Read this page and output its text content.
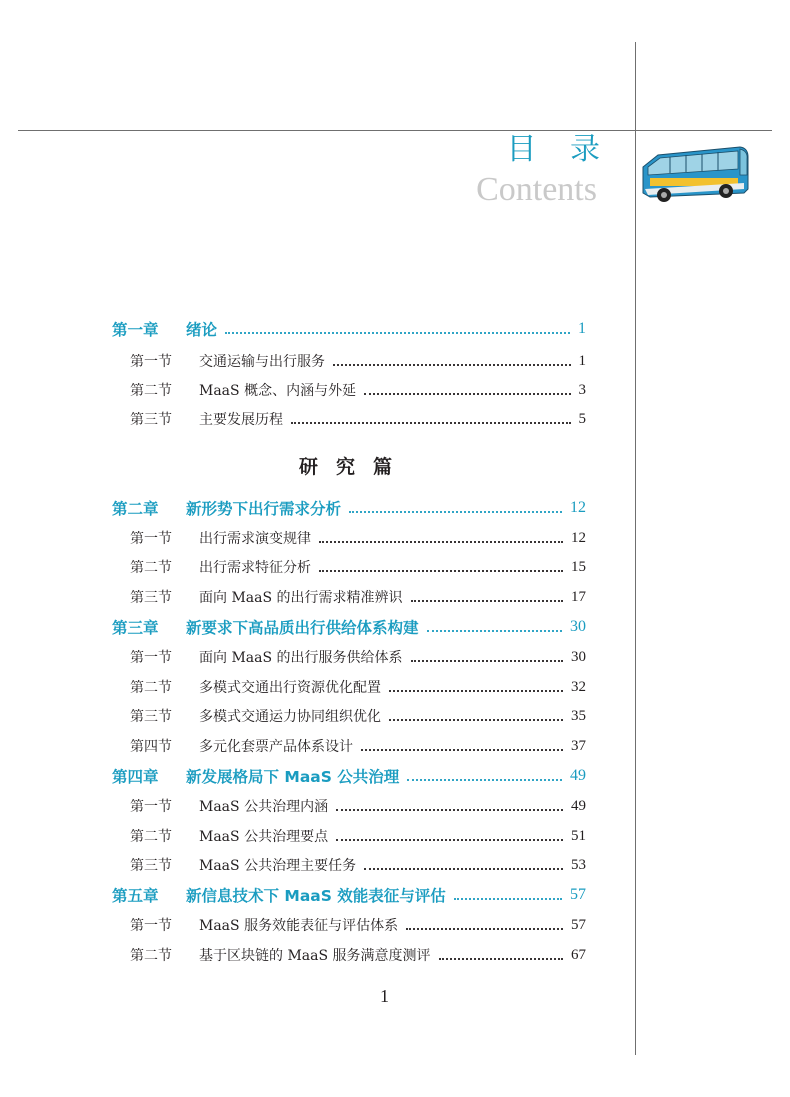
目 录
Contents
第一章	绪论	1
第一节	交通运输与出行服务	1
第二节	MaaS 概念、内涵与外延	3
第三节	主要发展历程	5
研究篇
第二章	新形势下出行需求分析	12
第一节	出行需求演变规律	12
第二节	出行需求特征分析	15
第三节	面向 MaaS 的出行需求精准辨识	17
第三章	新要求下高品质出行供给体系构建	30
第一节	面向 MaaS 的出行服务供给体系	30
第二节	多模式交通出行资源优化配置	32
第三节	多模式交通运力协同组织优化	35
第四节	多元化套票产品体系设计	37
第四章	新发展格局下 MaaS 公共治理	49
第一节	MaaS 公共治理内涵	49
第二节	MaaS 公共治理要点	51
第三节	MaaS 公共治理主要任务	53
第五章	新信息技术下 MaaS 效能表征与评估	57
第一节	MaaS 服务效能表征与评估体系	57
第二节	基于区块链的 MaaS 服务满意度测评	67
1
